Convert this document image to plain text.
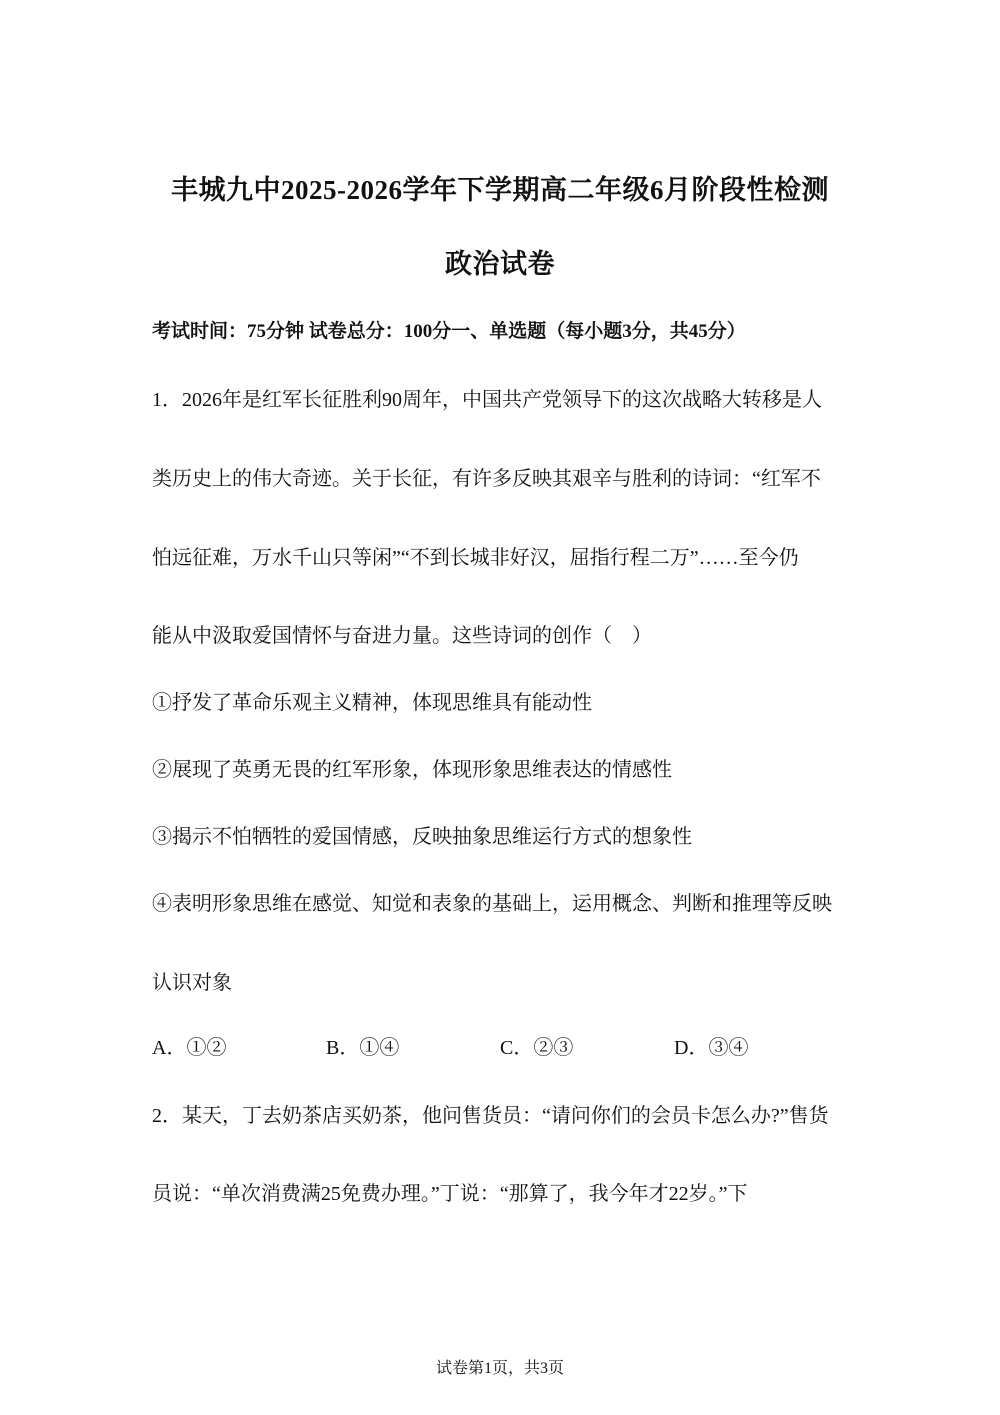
丰城九中2025-2026学年下学期高二年级6月阶段性检测
政治试卷
考试时间：75分钟 试卷总分：100分一、单选题（每小题3分，共45分）
1．2026年是红军长征胜利90周年，中国共产党领导下的这次战略大转移是人
类历史上的伟大奇迹。关于长征，有许多反映其艰辛与胜利的诗词：“红军不
怕远征难，万水千山只等闲”“不到长城非好汉，屈指行程二万”……至今仍
能从中汲取爱国情怀与奋进力量。这些诗词的创作（　）
①抒发了革命乐观主义精神，体现思维具有能动性
②展现了英勇无畏的红军形象，体现形象思维表达的情感性
③揭示不怕牺牲的爱国情感，反映抽象思维运行方式的想象性
④表明形象思维在感觉、知觉和表象的基础上，运用概念、判断和推理等反映
认识对象
A．①②	B．①④	C．②③	D．③④
2．某天，丁去奶茶店买奶茶，他问售货员：“请问你们的会员卡怎么办?”售货
员说：“单次消费满25免费办理。”丁说：“那算了，我今年才22岁。”下
试卷第1页，共3页
